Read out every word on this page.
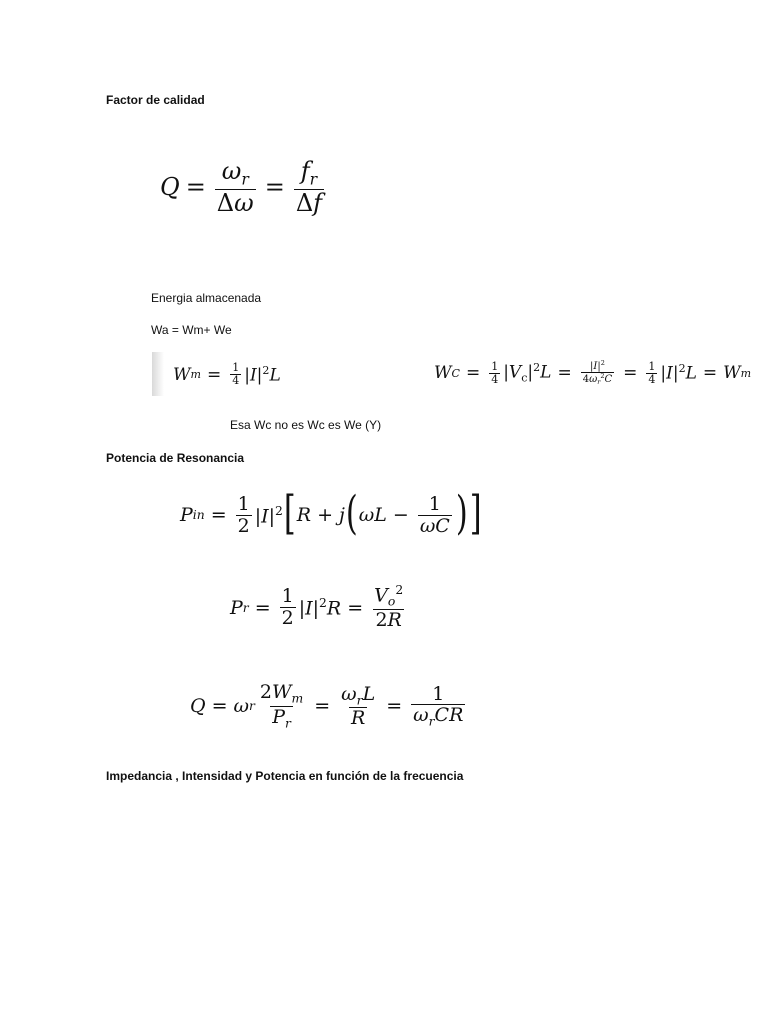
Factor de calidad
$Q = \frac{\omega_r}{\Delta\omega} = \frac{f_r}{\Delta f}$
Energia almacenada
Wa = Wm+ We
W $m = \frac{1}{4} |I|^2L$	W $C = \frac{1}{4} |V_c|^2L = \frac{|I|^2}{4\omega_r^2C} = \frac{1}{4} |I|^2L = W$ m
Esa Wc no es Wc es We (Y)
Potencia de Resonancia
P in = $\frac{1}{2} |I|^2$ [ R + j ( $\omega L - \frac{1}{\omega C}$ ) ]
P $r = \frac{1}{2} |I|^2R = \frac{V_o^2}{2R}$
Q = ω r $\frac{2W_m}{P_r} = \frac{\omega_rL}{R} = \frac{1}{\omega_rCR}$
Impedancia , Intensidad y Potencia en función de la frecuencia
